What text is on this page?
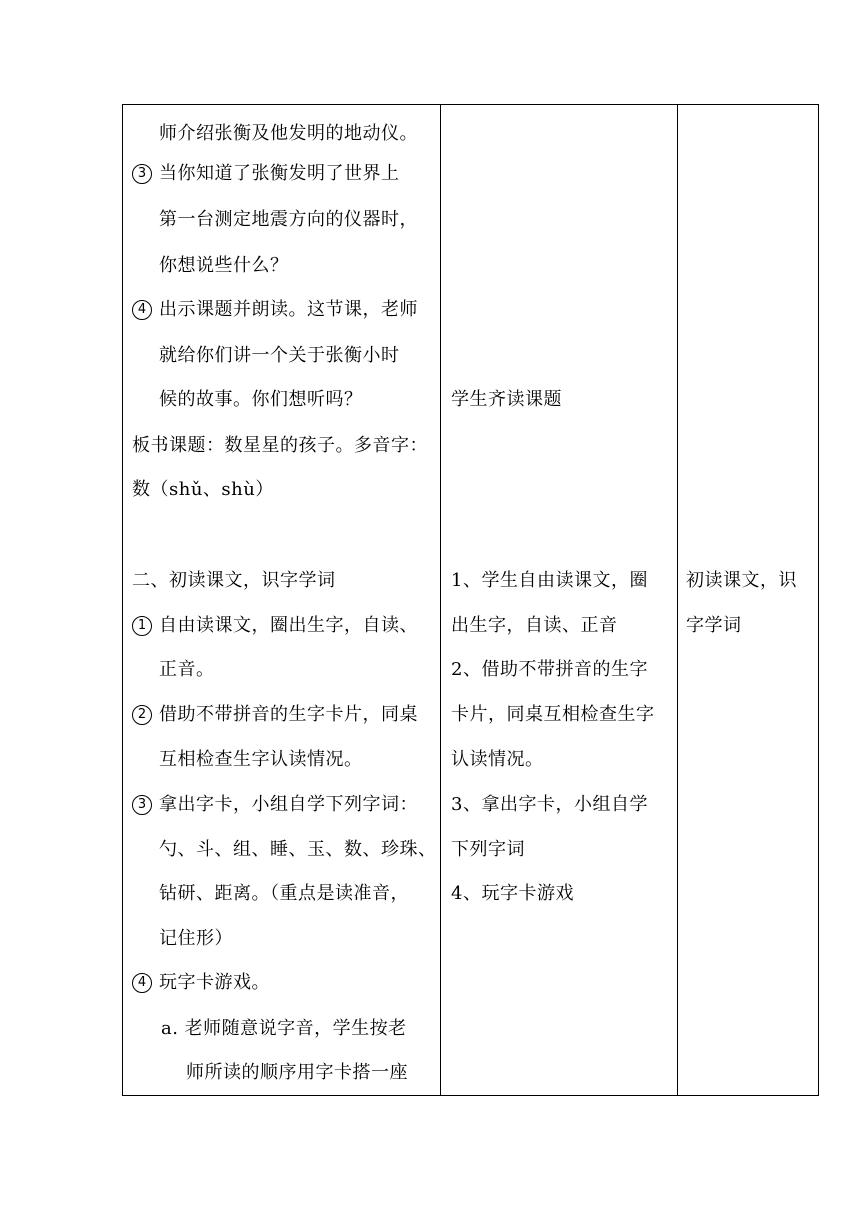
师介绍张衡及他发明的地动仪。
3 当你知道了张衡发明了世界上
第一台测定地震方向的仪器时，
你想说些什么？
4 出示课题并朗读。这节课，老师
就给你们讲一个关于张衡小时
候的故事。你们想听吗？
板书课题：数星星的孩子。多音字：
数（shǔ、shù）
二、初读课文，识字学词
1 自由读课文，圈出生字，自读、
正音。
2 借助不带拼音的生字卡片，同桌
互相检查生字认读情况。
3 拿出字卡，小组自学下列字词：
勺、斗、组、睡、玉、数、珍珠、
钻研、距离。（重点是读准音，
记住形）
4 玩字卡游戏。
a. 老师随意说字音，学生按老
师所读的顺序用字卡搭一座
学生齐读课题
1、学生自由读课文，圈
出生字，自读、正音
2、借助不带拼音的生字
卡片，同桌互相检查生字
认读情况。
3、拿出字卡，小组自学
下列字词
4、玩字卡游戏
初读课文，识
字学词
